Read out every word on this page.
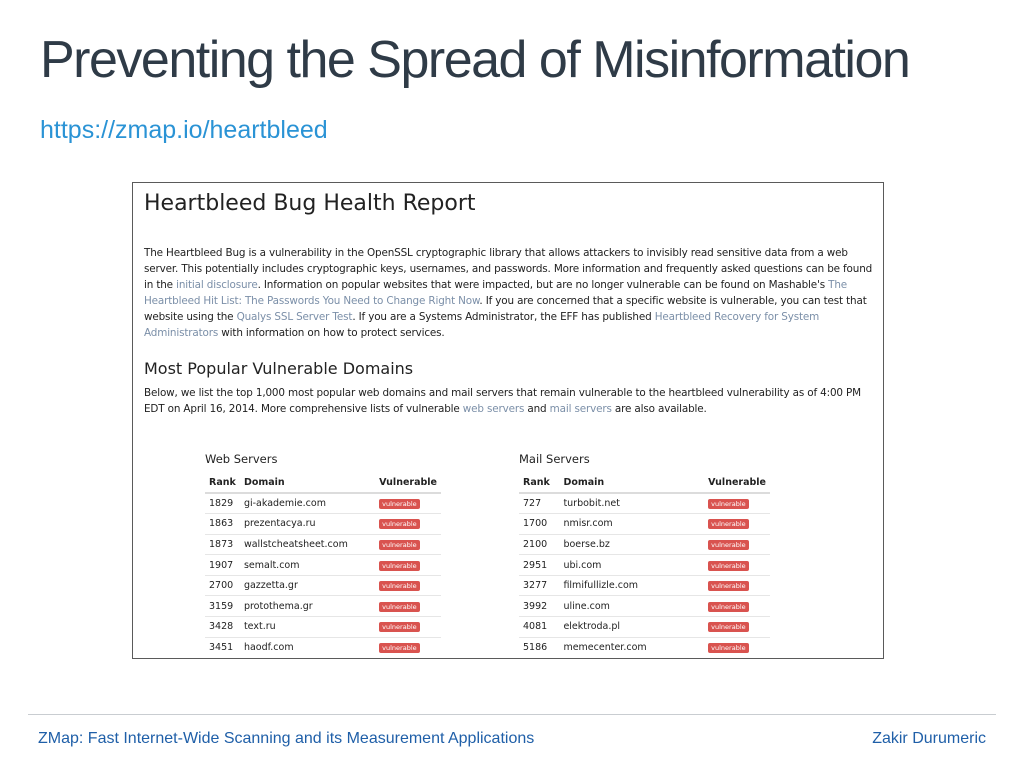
Preventing the Spread of Misinformation
https://zmap.io/heartbleed
Heartbleed Bug Health Report

The Heartbleed Bug is a vulnerability in the OpenSSL cryptographic library that allows attackers to invisibly read sensitive data from a web server. This potentially includes cryptographic keys, usernames, and passwords. More information and frequently asked questions can be found in the initial disclosure. Information on popular websites that were impacted, but are no longer vulnerable can be found on Mashable's The Heartbleed Hit List: The Passwords You Need to Change Right Now. If you are concerned that a specific website is vulnerable, you can test that website using the Qualys SSL Server Test. If you are a Systems Administrator, the EFF has published Heartbleed Recovery for System Administrators with information on how to protect services.

Most Popular Vulnerable Domains

Below, we list the top 1,000 most popular web domains and mail servers that remain vulnerable to the heartbleed vulnerability as of 4:00 PM EDT on April 16, 2014. More comprehensive lists of vulnerable web servers and mail servers are also available.

Web Servers
Rank	Domain	Vulnerable
1829	gi-akademie.com	vulnerable
1863	prezentacya.ru	vulnerable
1873	wallstcheatsheet.com	vulnerable
1907	semalt.com	vulnerable
2700	gazzetta.gr	vulnerable
3159	protothema.gr	vulnerable
3428	text.ru	vulnerable
3451	haodf.com	vulnerable
Mail Servers
Rank	Domain	Vulnerable
727	turbobit.net	vulnerable
1700	nmisr.com	vulnerable
2100	boerse.bz	vulnerable
2951	ubi.com	vulnerable
3277	filmifullizle.com	vulnerable
3992	uline.com	vulnerable
4081	elektroda.pl	vulnerable
5186	memecenter.com	vulnerable
ZMap: Fast Internet-Wide Scanning and its Measurement Applications	Zakir Durumeric
